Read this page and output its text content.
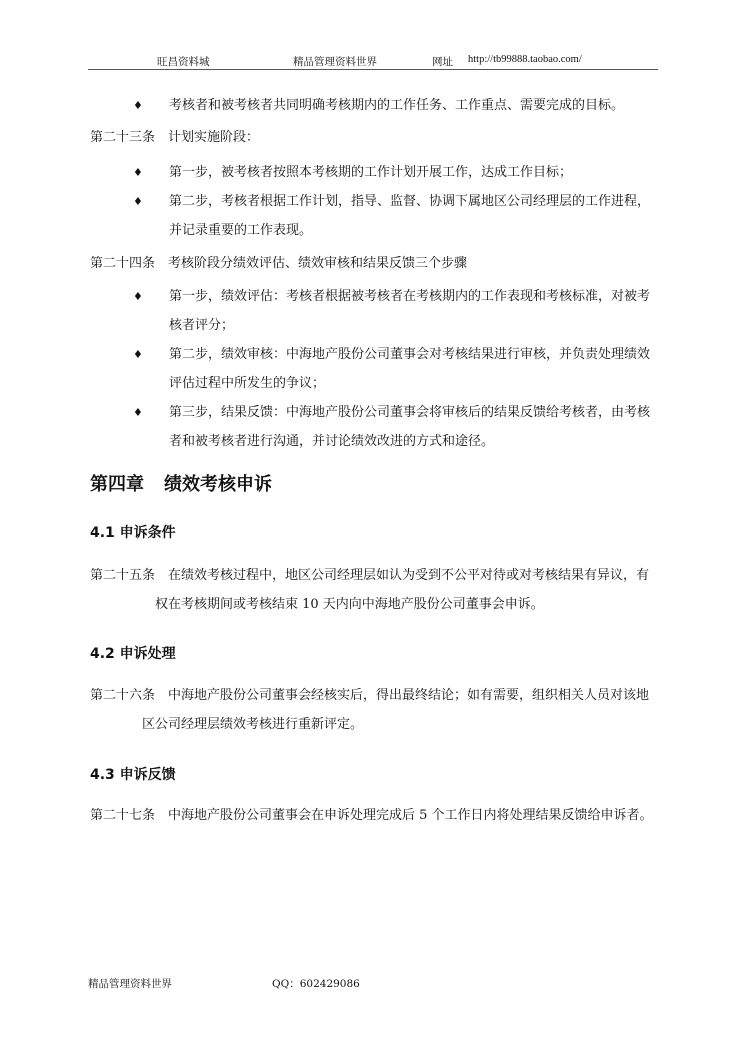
旺昌资料城	精品管理资料世界	网址 http://tb99888.taobao.com/
♦ 考核者和被考核者共同明确考核期内的工作任务、工作重点、需要完成的目标。
第二十三条　计划实施阶段：
♦ 第一步，被考核者按照本考核期的工作计划开展工作，达成工作目标；
♦ 第二步，考核者根据工作计划，指导、监督、协调下属地区公司经理层的工作进程，
并记录重要的工作表现。
第二十四条　考核阶段分绩效评估、绩效审核和结果反馈三个步骤
♦ 第一步，绩效评估：考核者根据被考核者在考核期内的工作表现和考核标准，对被考
核者评分；
♦ 第二步，绩效审核：中海地产股份公司董事会对考核结果进行审核，并负责处理绩效
评估过程中所发生的争议；
♦ 第三步，结果反馈：中海地产股份公司董事会将审核后的结果反馈给考核者，由考核
者和被考核者进行沟通，并讨论绩效改进的方式和途径。
第四章 绩效考核申诉
4.1 申诉条件
第二十五条　在绩效考核过程中，地区公司经理层如认为受到不公平对待或对考核结果有异议，有
权在考核期间或考核结束 10 天内向中海地产股份公司董事会申诉。
4.2 申诉处理
第二十六条　中海地产股份公司董事会经核实后，得出最终结论；如有需要，组织相关人员对该地
区公司经理层绩效考核进行重新评定。
4.3 申诉反馈
第二十七条　中海地产股份公司董事会在申诉处理完成后 5 个工作日内将处理结果反馈给申诉者。
精品管理资料世界	QQ：602429086
